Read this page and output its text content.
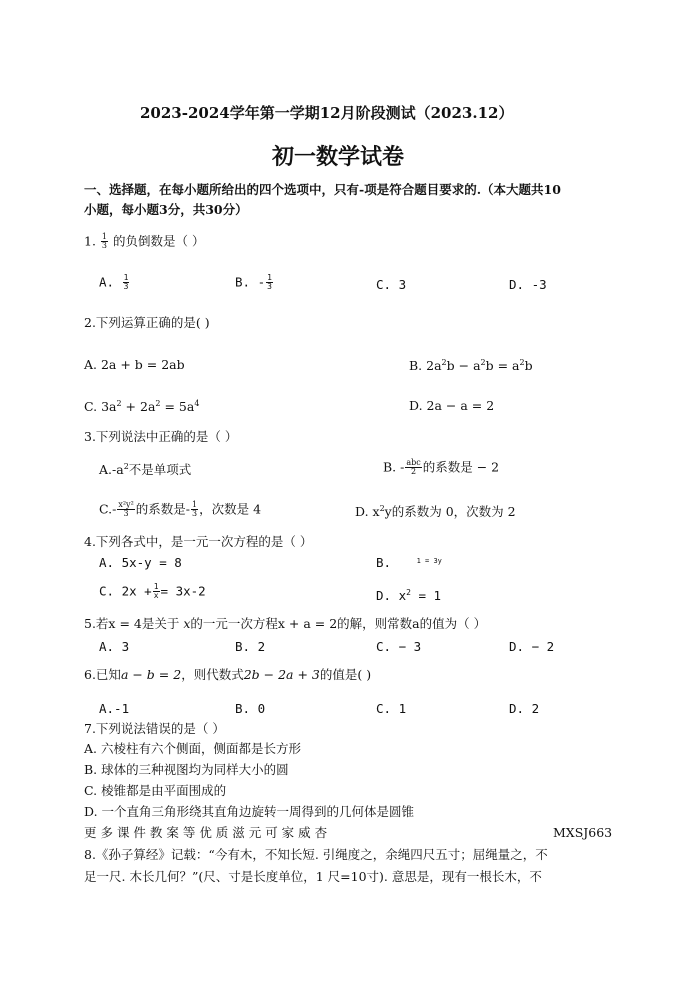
2023-2024学年第一学期12月阶段测试（2023.12）
初一数学试卷
一、选择题，在每小题所给出的四个选项中，只有-项是符合题目要求的.（本大题共10
小题，每小题3分，共30分）
1. $\frac{1}{3}$ 的负倒数是（ ）
A. $\frac{1}{3}$	B. - $\frac{1}{3}$	C. 3	D. -3
2.下列运算正确的是( )
A. 2a + b = 2ab	B. $2a^2b - a^2b = a^2b$
C. $3a^2 + 2a^2 = 5a^4$	D. 2a − a = 2
3.下列说法中正确的是（ ）
$A.-a^2$不是单项式	B. - $\frac{\text{abc}}{2}$ 的系数是 − 2
$C.- \frac{\text{x²y²}}{3}$ 的系数是- $\frac{1}{3}$ ，次数是 4	D. $x^2y$的系数为 0，次数为 2
4.下列各式中，是一元一次方程的是（ ）
A. 5x-y = 8	B.	$^{1 = 3y}$
C. $2x + \frac{1}{x} = 3x-2$	D. $x^2 = 1$
5.若x = 4是关于 x的一元一次方程x + a = 2的解，则常数a的值为（ ）
A. 3	B. 2	C. − 3	D. − 2
6.已知a − b = 2，则代数式2b − 2a + 3的值是( )
A.-1	B. 0	C. 1	D. 2
7.下列说法错误的是（ ）
A. 六棱柱有六个侧面，侧面都是长方形
B. 球体的三种视图均为同样大小的圆
C. 棱锥都是由平面围成的
D. 一个直角三角形绕其直角边旋转一周得到的几何体是圆锥
更 多 课 件 教 案 等 优 质 滋 元 可 家 威 杏	MXSJ663
8.《孙子算经》记载：“今有木，不知长短. 引绳度之，余绳四尺五寸；屈绳量之，不
足一尺. 木长几何？”(尺、寸是长度单位，1 尺=10寸). 意思是，现有一根长木，不
